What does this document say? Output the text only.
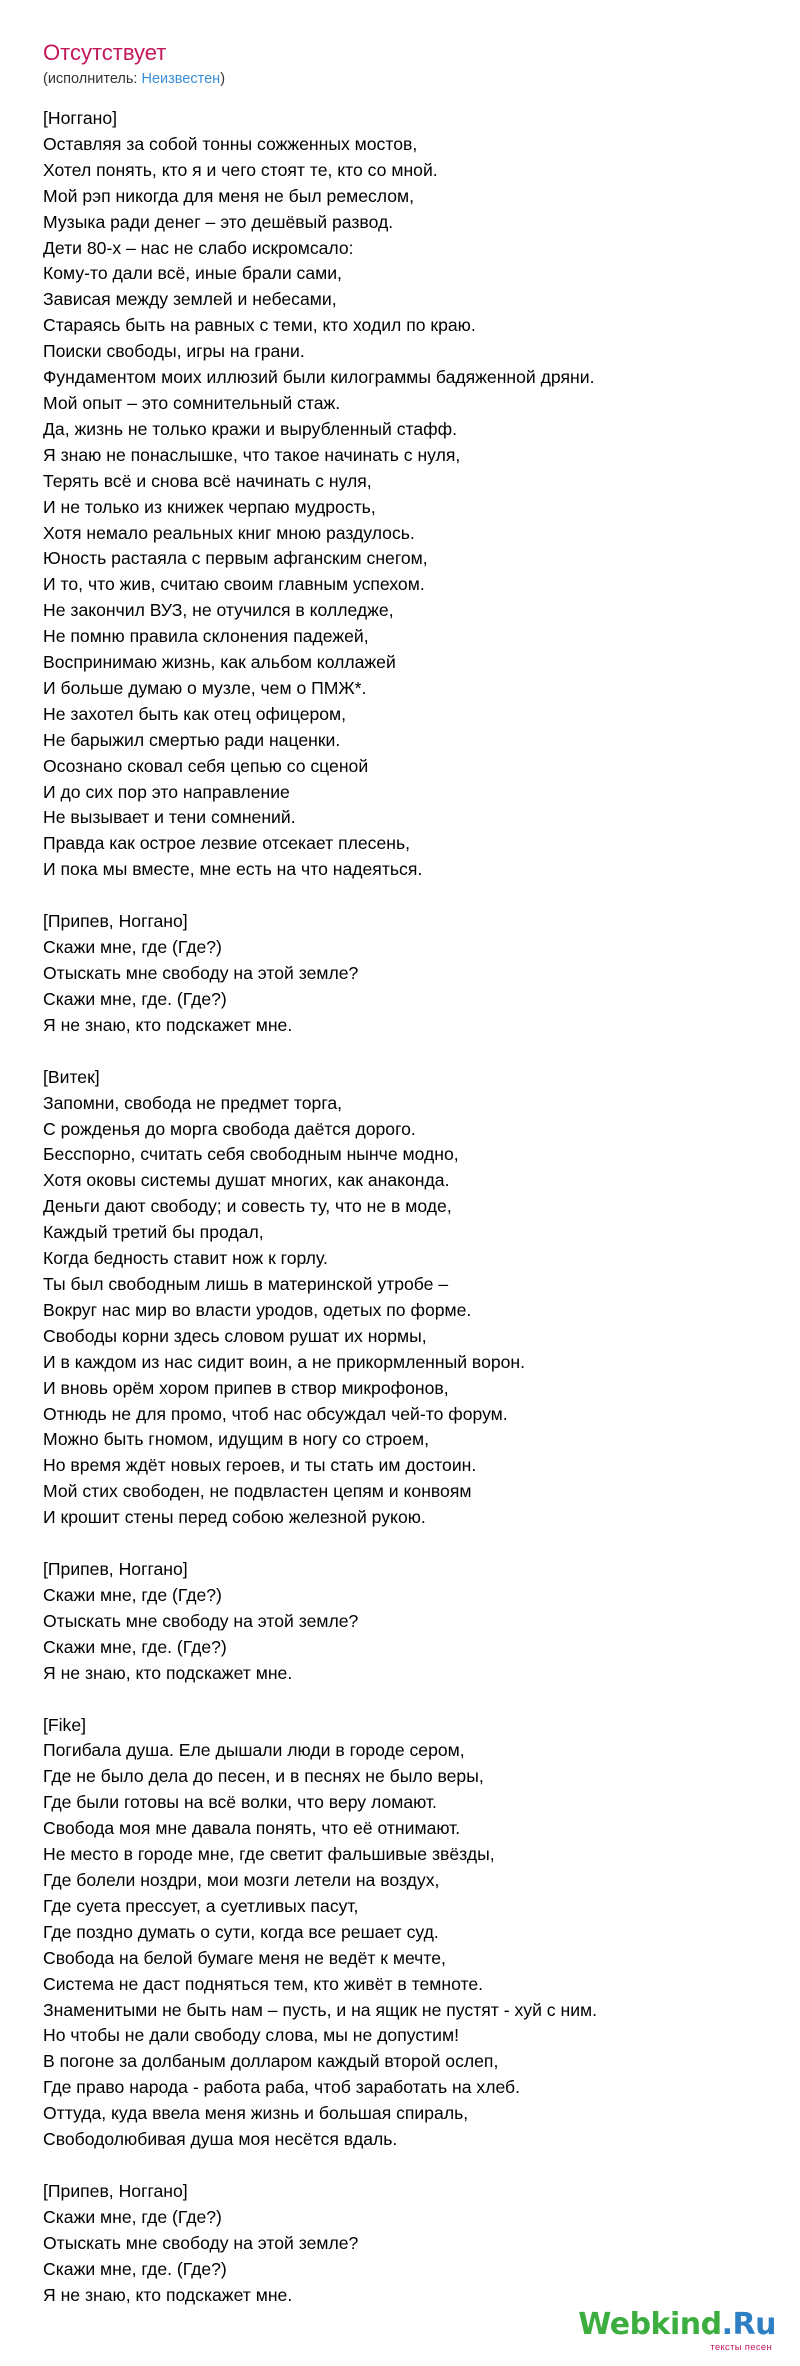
Отсутствует
(исполнитель: Неизвестен)
[Ноггано]
Оставляя за собой тонны сожженных мостов,
Хотел понять, кто я и чего стоят те, кто со мной.
Мой рэп никогда для меня не был ремеслом,
Музыка ради денег – это дешёвый развод.
Дети 80-х – нас не слабо искромсало:
Кому-то дали всё, иные брали сами,
Зависая между землей и небесами,
Стараясь быть на равных с теми, кто ходил по краю.
Поиски свободы, игры на грани.
Фундаментом моих иллюзий были килограммы бадяженной дряни.
Мой опыт – это сомнительный стаж.
Да, жизнь не только кражи и вырубленный стафф.
Я знаю не понаслышке, что такое начинать с нуля,
Терять всё и снова всё начинать с нуля,
И не только из книжек черпаю мудрость,
Хотя немало реальных книг мною раздулось.
Юность растаяла с первым афганским снегом,
И то, что жив, считаю своим главным успехом.
Не закончил ВУЗ, не отучился в колледже,
Не помню правила склонения падежей,
Воспринимаю жизнь, как альбом коллажей
И больше думаю о музле, чем о ПМЖ*.
Не захотел быть как отец офицером,
Не барыжил смертью ради наценки.
Осознано сковал себя цепью со сценой
И до сих пор это направление
Не вызывает и тени сомнений.
Правда как острое лезвие отсекает плесень,
И пока мы вместе, мне есть на что надеяться.
[Припев, Ноггано]
Скажи мне, где (Где?)
Отыскать мне свободу на этой земле?
Скажи мне, где. (Где?)
Я не знаю, кто подскажет мне.
[Витек]
Запомни, свобода не предмет торга,
С рожденья до морга свобода даётся дорого.
Бесспорно, считать себя свободным нынче модно,
Хотя оковы системы душат многих, как анаконда.
Деньги дают свободу; и совесть ту, что не в моде,
Каждый третий бы продал,
Когда бедность ставит нож к горлу.
Ты был свободным лишь в материнской утробе –
Вокруг нас мир во власти уродов, одетых по форме.
Свободы корни здесь словом рушат их нормы,
И в каждом из нас сидит воин, а не прикормленный ворон.
И вновь орём хором припев в створ микрофонов,
Отнюдь не для промо, чтоб нас обсуждал чей-то форум.
Можно быть гномом, идущим в ногу со строем,
Но время ждёт новых героев, и ты стать им достоин.
Мой стих свободен, не подвластен цепям и конвоям
И крошит стены перед собою железной рукою.
[Припев, Ноггано]
Скажи мне, где (Где?)
Отыскать мне свободу на этой земле?
Скажи мне, где. (Где?)
Я не знаю, кто подскажет мне.
[Fike]
Погибала душа. Еле дышали люди в городе сером,
Где не было дела до песен, и в песнях не было веры,
Где были готовы на всё волки, что веру ломают.
Свобода моя мне давала понять, что её отнимают.
Не место в городе мне, где светит фальшивые звёзды,
Где болели ноздри, мои мозги летели на воздух,
Где суета прессует, а суетливых пасут,
Где поздно думать о сути, когда все решает суд.
Свобода на белой бумаге меня не ведёт к мечте,
Система не даст подняться тем, кто живёт в темноте.
Знаменитыми не быть нам – пусть, и на ящик не пустят - хуй с ним.
Но чтобы не дали свободу слова, мы не допустим!
В погоне за долбаным долларом каждый второй ослеп,
Где право народа - работа раба, чтоб заработать на хлеб.
Оттуда, куда ввела меня жизнь и большая спираль,
Свободолюбивая душа моя несётся вдаль.
[Припев, Ноггано]
Скажи мне, где (Где?)
Отыскать мне свободу на этой земле?
Скажи мне, где. (Где?)
Я не знаю, кто подскажет мне.
Webkind.Ru
тексты песен
